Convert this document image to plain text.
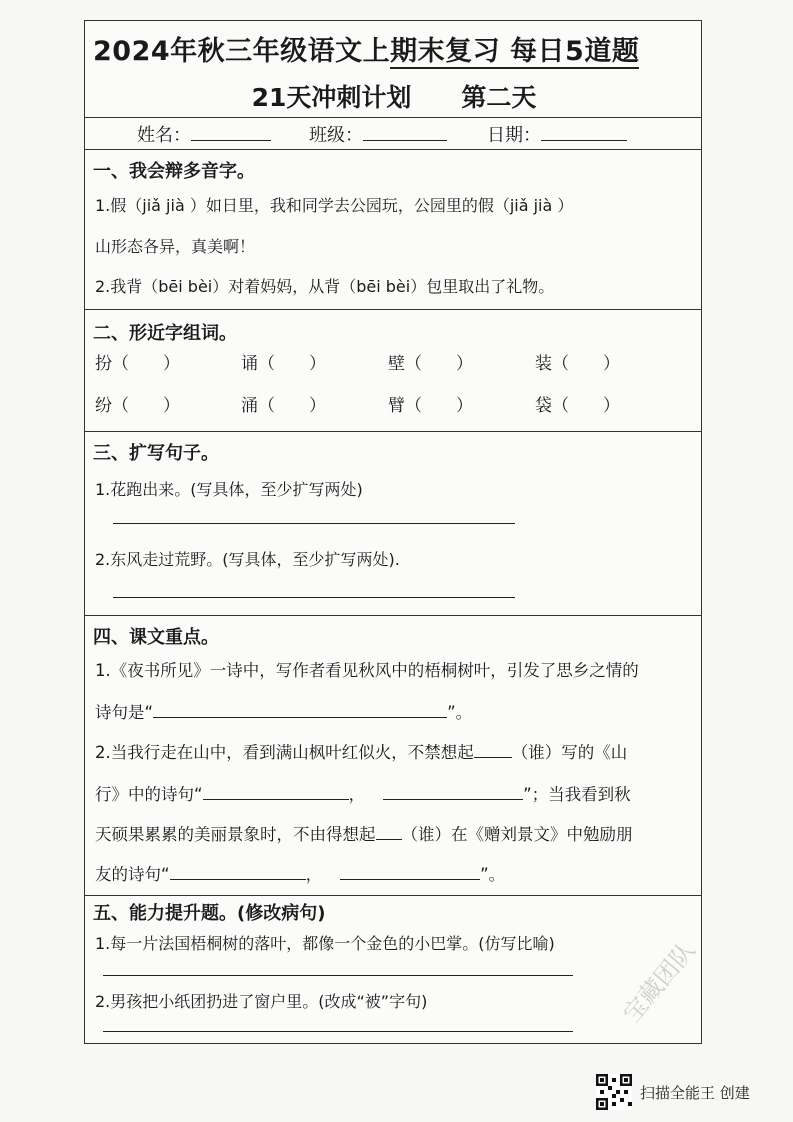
2024年秋三年级语文上期末复习 每日5道题
21天冲刺计划 第二天
姓名：	班级：	日期：
一、我会辩多音字。
1.假（jiǎ jià ）如日里，我和同学去公园玩，公园里的假（jiǎ jià ）
山形态各异，真美啊！
2.我背（bēi bèi）对着妈妈，从背（bēi bèi）包里取出了礼物。
二、形近字组词。
扮（　　）	诵（　　）	壁（　　）	装（　　）
纷（　　）	涌（　　）	臂（　　）	袋（　　）
三、扩写句子。
1.花跑出来。(写具体，至少扩写两处)
2.东风走过荒野。(写具体，至少扩写两处).
四、课文重点。
1.《夜书所见》一诗中，写作者看见秋风中的梧桐树叶，引发了思乡之情的
诗句是“	”。
2.当我行走在山中，看到满山枫叶红似火，不禁想起 （谁）写的《山
行》中的诗句“	，	”；当我看到秋
天硕果累累的美丽景象时，不由得想起 （谁）在《赠刘景文》中勉励朋
友的诗句“	，	”。
五、能力提升题。(修改病句)
1.每一片法国梧桐树的落叶，都像一个金色的小巴掌。(仿写比喻)
2.男孩把小纸团扔进了窗户里。(改成“被”字句)	宝藏团队
扫描全能王 创建
